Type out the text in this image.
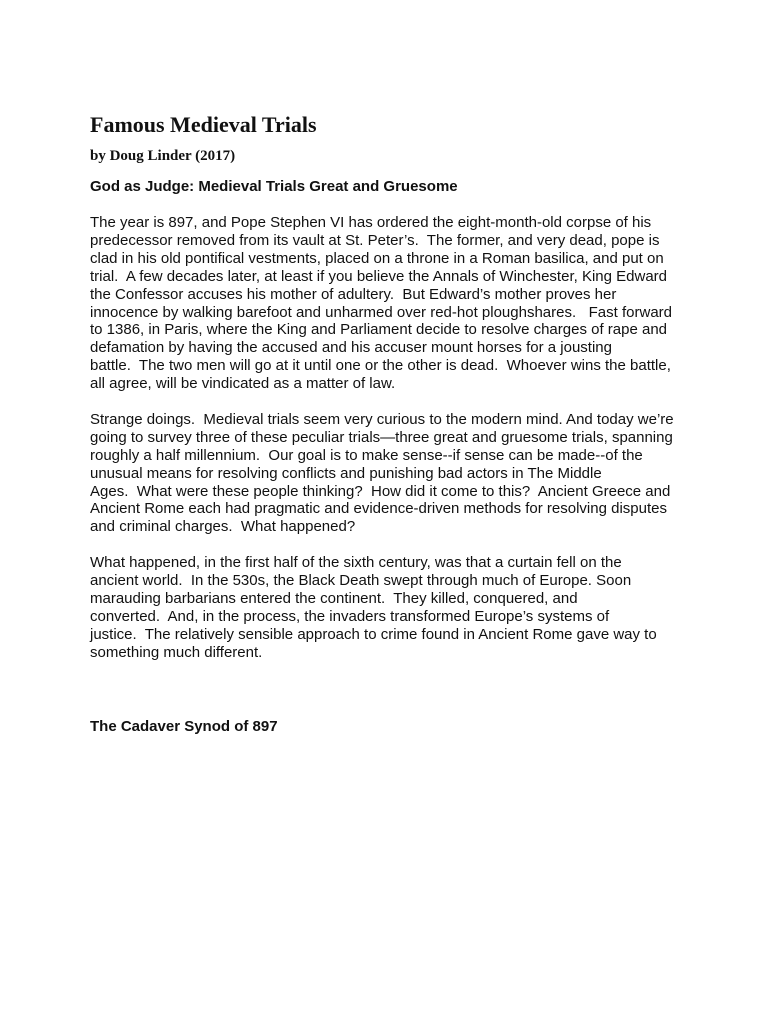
Famous Medieval Trials
by Doug Linder (2017)
God as Judge: Medieval Trials Great and Gruesome
The year is 897, and Pope Stephen VI has ordered the eight-month-old corpse of his
predecessor removed from its vault at St. Peter’s.  The former, and very dead, pope is
clad in his old pontifical vestments, placed on a throne in a Roman basilica, and put on
trial.  A few decades later, at least if you believe the Annals of Winchester, King Edward
the Confessor accuses his mother of adultery.  But Edward’s mother proves her
innocence by walking barefoot and unharmed over red-hot ploughshares.   Fast forward
to 1386, in Paris, where the King and Parliament decide to resolve charges of rape and
defamation by having the accused and his accuser mount horses for a jousting
battle.  The two men will go at it until one or the other is dead.  Whoever wins the battle,
all agree, will be vindicated as a matter of law.
Strange doings.  Medieval trials seem very curious to the modern mind. And today we’re
going to survey three of these peculiar trials—three great and gruesome trials, spanning
roughly a half millennium.  Our goal is to make sense--if sense can be made--of the
unusual means for resolving conflicts and punishing bad actors in The Middle
Ages.  What were these people thinking?  How did it come to this?  Ancient Greece and
Ancient Rome each had pragmatic and evidence-driven methods for resolving disputes
and criminal charges.  What happened?
What happened, in the first half of the sixth century, was that a curtain fell on the
ancient world.  In the 530s, the Black Death swept through much of Europe. Soon
marauding barbarians entered the continent.  They killed, conquered, and
converted.  And, in the process, the invaders transformed Europe’s systems of
justice.  The relatively sensible approach to crime found in Ancient Rome gave way to
something much different.
The Cadaver Synod of 897
